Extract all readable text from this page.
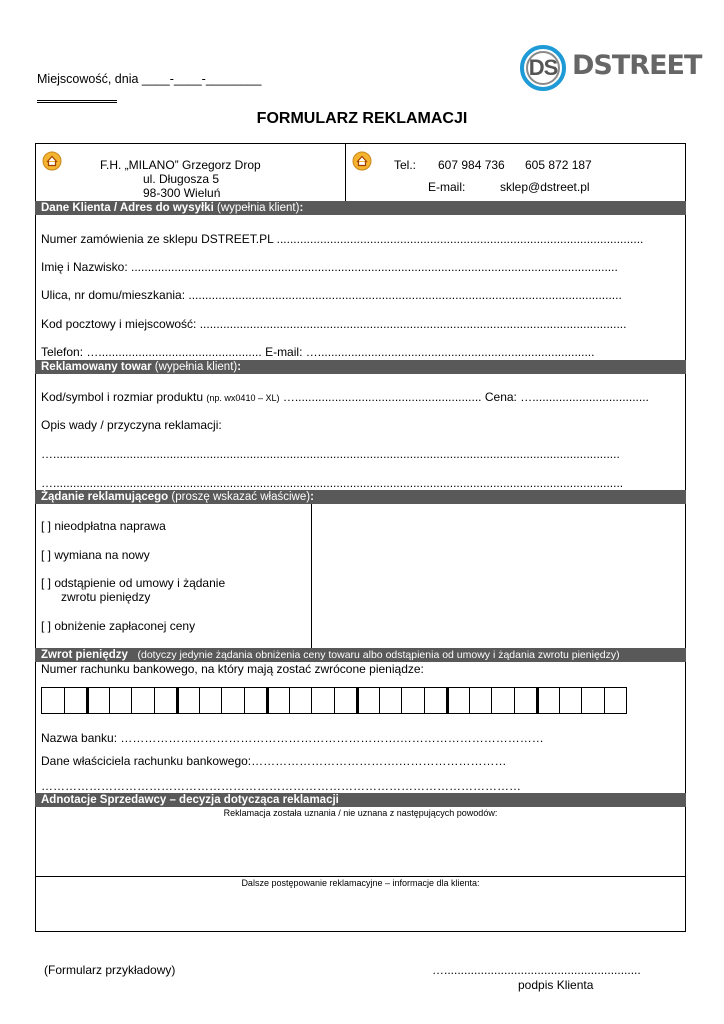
Miejscowość, dnia ____-____-________	DS DSTREET
FORMULARZ REKLAMACJI
F.H. „MILANO” Grzegorz Drop
ul. Długosza 5
98-300 Wieluń
Tel.: 607 984 736 605 872 187
E-mail:	sklep@dstreet.pl
Dane Klienta / Adres do wysyłki (wypełnia klient):
Numer zamówienia ze sklepu DSTREET.PL ..............................................................................................................
Imię i Nazwisko: ..................................................................................................................................................
Ulica, nr domu/mieszkania: ..................................................................................................................................
Kod pocztowy i miejscowość: ................................................................................................................................
Telefon: …................................................. E-mail: …...................................................................................
Reklamowany towar (wypełnia klient):
Kod/symbol i rozmiar produktu (np. wx0410 – XL) …........................................................ Cena: …...................................
Opis wady / przyczyna reklamacji:
…..........................................................................................................................................................................
…...........................................................................................................................................................................
Żądanie reklamującego (proszę wskazać właściwe):
[ ] nieodpłatna naprawa
[ ] wymiana na nowy
[ ] odstąpienie od umowy i żądanie
zwrotu pieniędzy
[ ] obniżenie zapłaconej ceny
Zwrot pieniędzy (dotyczy jedynie żądania obniżenia ceny towaru albo odstąpienia od umowy i żądania zwrotu pieniędzy)
Numer rachunku bankowego, na który mają zostać zwrócone pieniądze:
Nazwa banku: …………………………………………………………….………………………………
Dane właściciela rachunku bankowego:……………………………….………………………
…………………………………………………………………………………………………………
Adnotacje Sprzedawcy – decyzja dotycząca reklamacji
Reklamacja została uznania / nie uznana z następujących powodów:
Dalsze postępowanie reklamacyjne – informacje dla klienta:
(Formularz przykładowy)	…...........................................................
podpis Klienta
